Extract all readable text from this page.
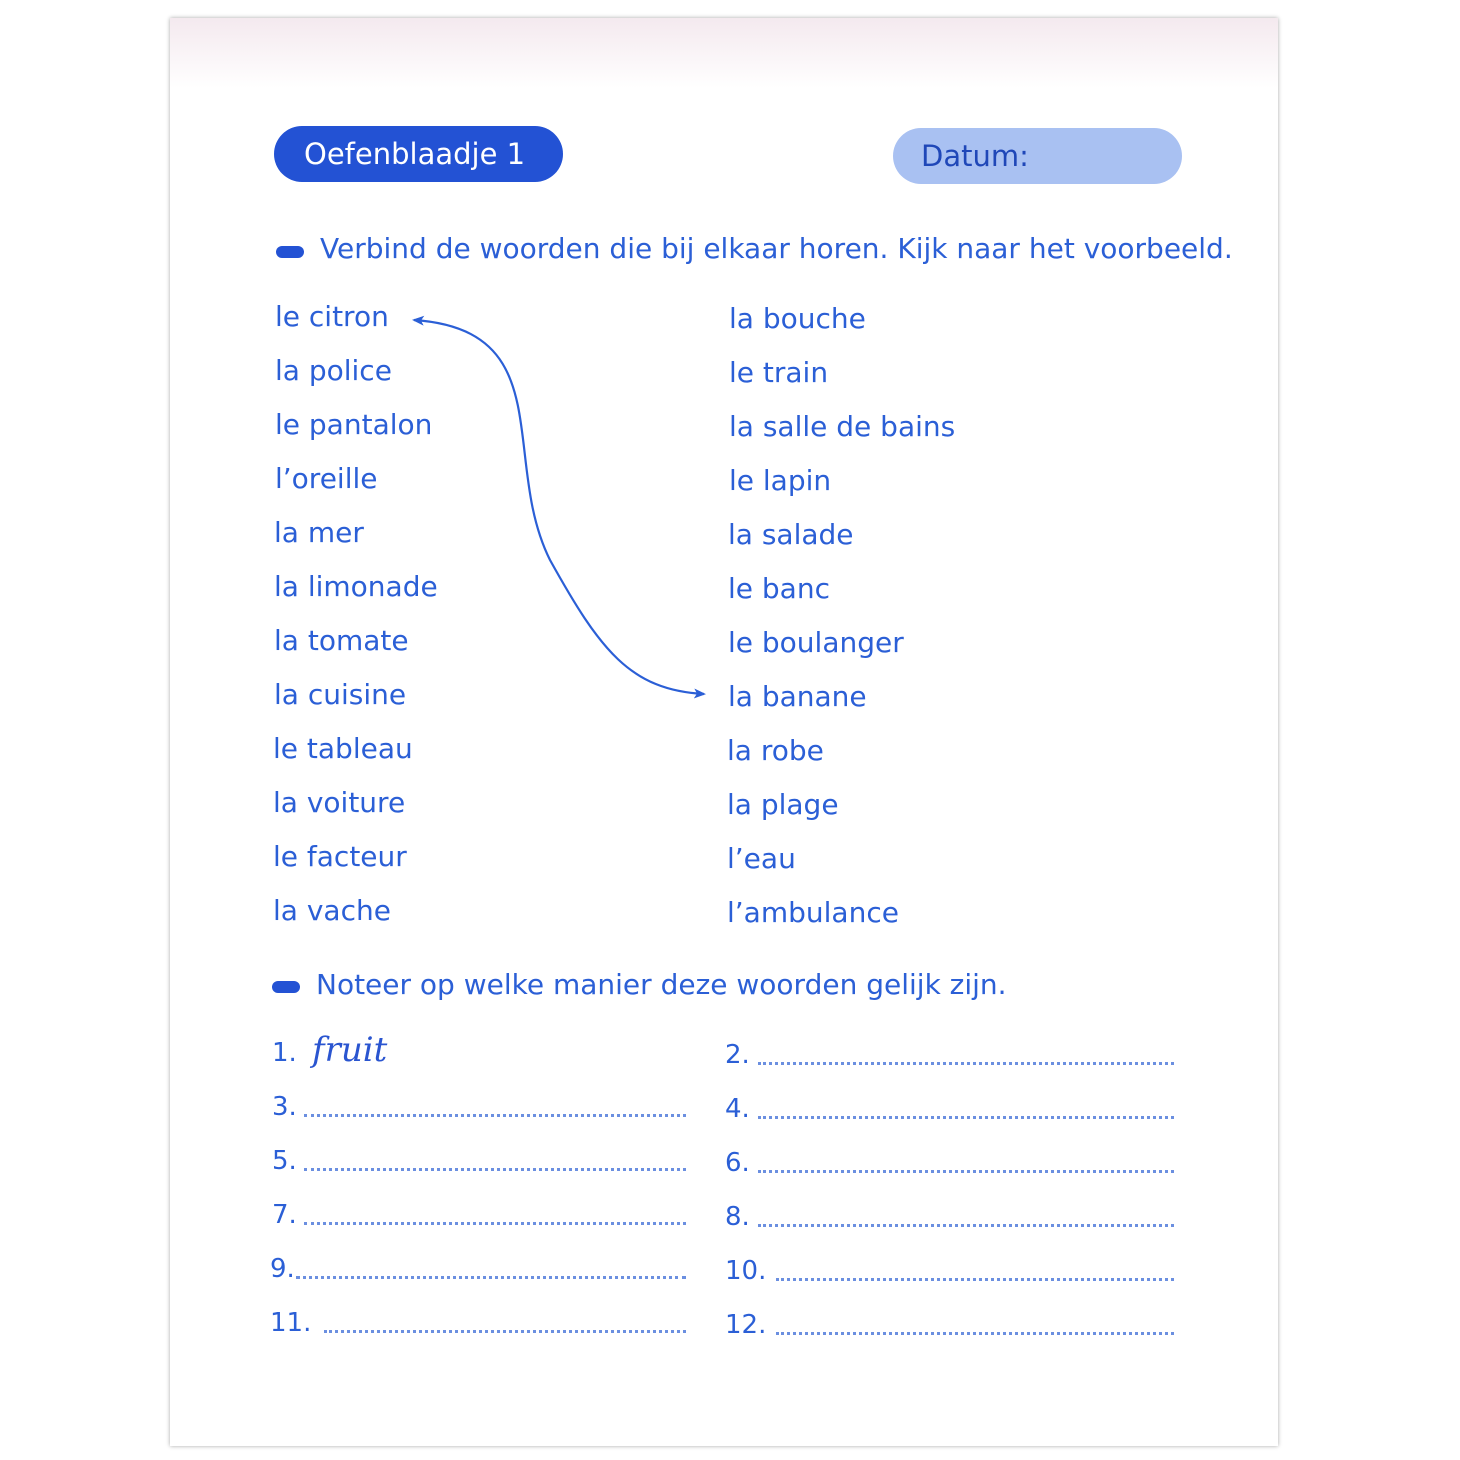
Oefenblaadje 1	Datum:
Verbind de woorden die bij elkaar horen. Kijk naar het voorbeeld.
le citron
la police
le pantalon
l’oreille
la mer
la limonade
la tomate
la cuisine
le tableau
la voiture
le facteur
la vache
la bouche
le train
la salle de bains
le lapin
la salade
le banc
le boulanger
la banane
la robe
la plage
l’eau
l’ambulance
Noteer op welke manier deze woorden gelijk zijn.
1. fruit	2.
3.	4.
5.	6.
7.	8.
9.	10.
11.	12.
